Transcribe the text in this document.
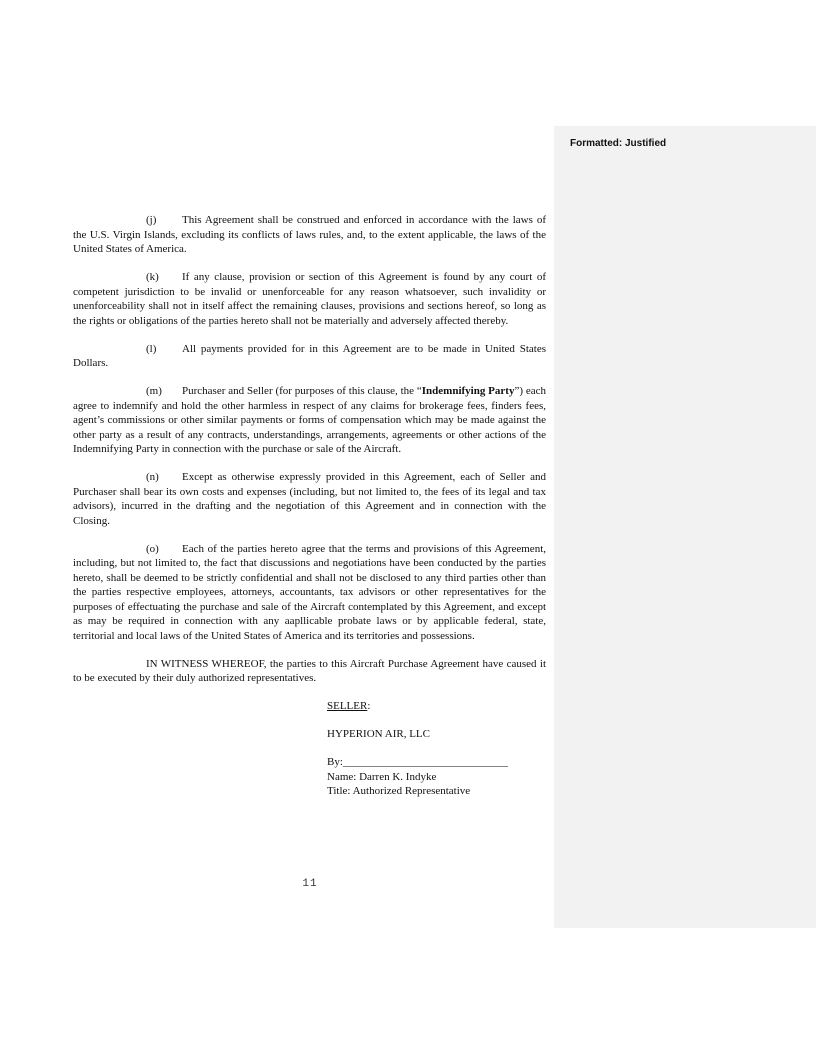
Formatted: Justified

(j) This Agreement shall be construed and enforced in accordance with the laws of the U.S. Virgin Islands, excluding its conflicts of laws rules, and, to the extent applicable, the laws of the United States of America.

(k) If any clause, provision or section of this Agreement is found by any court of competent jurisdiction to be invalid or unenforceable for any reason whatsoever, such invalidity or unenforceability shall not in itself affect the remaining clauses, provisions and sections hereof, so long as the rights or obligations of the parties hereto shall not be materially and adversely affected thereby.

(l) All payments provided for in this Agreement are to be made in United States Dollars.

(m) Purchaser and Seller (for purposes of this clause, the “Indemnifying Party”) each agree to indemnify and hold the other harmless in respect of any claims for brokerage fees, finders fees, agent’s commissions or other similar payments or forms of compensation which may be made against the other party as a result of any contracts, understandings, arrangements, agreements or other actions of the Indemnifying Party in connection with the purchase or sale of the Aircraft.

(n) Except as otherwise expressly provided in this Agreement, each of Seller and Purchaser shall bear its own costs and expenses (including, but not limited to, the fees of its legal and tax advisors), incurred in the drafting and the negotiation of this Agreement and in connection with the Closing.

(o) Each of the parties hereto agree that the terms and provisions of this Agreement, including, but not limited to, the fact that discussions and negotiations have been conducted by the parties hereto, shall be deemed to be strictly confidential and shall not be disclosed to any third parties other than the parties respective employees, attorneys, accountants, tax advisors or other representatives for the purposes of effectuating the purchase and sale of the Aircraft contemplated by this Agreement, and except as may be required in connection with any aapllicable probate laws or by applicable federal, state, territorial and local laws of the United States of America and its territories and possessions.

IN WITNESS WHEREOF, the parties to this Aircraft Purchase Agreement have caused it to be executed by their duly authorized representatives.

SELLER:
HYPERION AIR, LLC
By:______________________________
Name: Darren K. Indyke
Title: Authorized Representative
11
